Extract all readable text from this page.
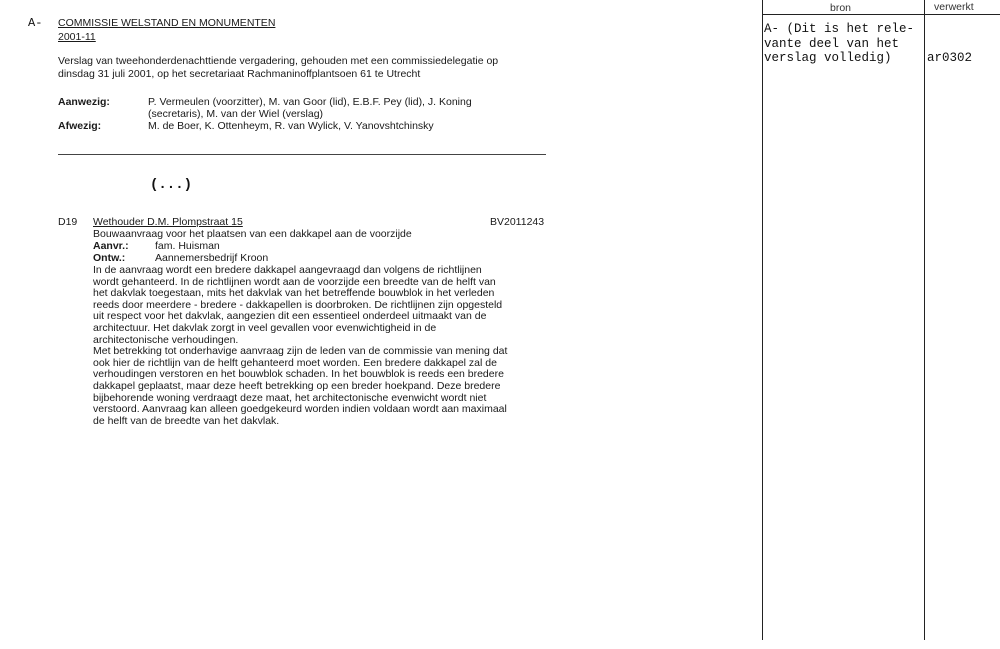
A- COMMISSIE WELSTAND EN MONUMENTEN
2001-11
Verslag van tweehonderdenachttiende vergadering, gehouden met een commissiedelegatie op
dinsdag 31 juli 2001, op het secretariaat Rachmaninoffplantsoen 61 te Utrecht
Aanwezig:	P. Vermeulen (voorzitter), M. van Goor (lid), E.B.F. Pey (lid), J. Koning
(secretaris), M. van der Wiel (verslag)
Afwezig:	M. de Boer, K. Ottenheym, R. van Wylick, V. Yanovshtchinsky
(...)
D19 Wethouder D.M. Plompstraat 15	BV2011243
Bouwaanvraag voor het plaatsen van een dakkapel aan de voorzijde
Aanvr.:	fam. Huisman
Ontw.:	Aannemersbedrijf Kroon
In de aanvraag wordt een bredere dakkapel aangevraagd dan volgens de richtlijnen
wordt gehanteerd. In de richtlijnen wordt aan de voorzijde een breedte van de helft van
het dakvlak toegestaan, mits het dakvlak van het betreffende bouwblok in het verleden
reeds door meerdere - bredere - dakkapellen is doorbroken. De richtlijnen zijn opgesteld
uit respect voor het dakvlak, aangezien dit een essentieel onderdeel uitmaakt van de
architectuur. Het dakvlak zorgt in veel gevallen voor evenwichtigheid in de
architectonische verhoudingen.
Met betrekking tot onderhavige aanvraag zijn de leden van de commissie van mening dat
ook hier de richtlijn van de helft gehanteerd moet worden. Een bredere dakkapel zal de
verhoudingen verstoren en het bouwblok schaden. In het bouwblok is reeds een bredere
dakkapel geplaatst, maar deze heeft betrekking op een breder hoekpand. Deze bredere
bijbehorende woning verdraagt deze maat, het architectonische evenwicht wordt niet
verstoord. Aanvraag kan alleen goedgekeurd worden indien voldaan wordt aan maximaal
de helft van de breedte van het dakvlak.
bron	verwerkt
A- (Dit is het rele-
vante deel van het
verslag volledig)	ar0302
